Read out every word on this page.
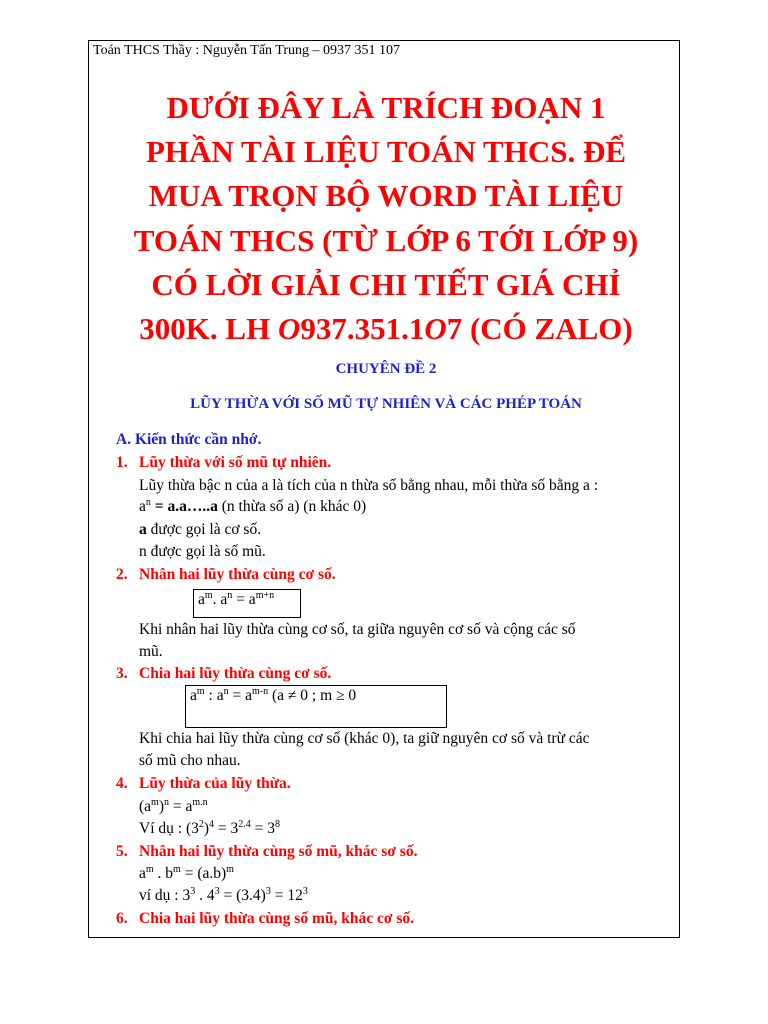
Toán THCS Thầy : Nguyễn Tấn Trung – 0937 351 107
DƯỚI ĐÂY LÀ TRÍCH ĐOẠN 1
PHẦN TÀI LIỆU TOÁN THCS. ĐỂ
MUA TRỌN BỘ WORD TÀI LIỆU
TOÁN THCS (TỪ LỚP 6 TỚI LỚP 9)
CÓ LỜI GIẢI CHI TIẾT GIÁ CHỈ
300K. LH O937.351.1O7 (CÓ ZALO)
CHUYÊN ĐỀ 2
LŨY THỪA VỚI SỐ MŨ TỰ NHIÊN VÀ CÁC PHÉP TOÁN
A. Kiến thức cần nhớ.
1. Lũy thừa với số mũ tự nhiên.
Lũy thừa bậc n của a là tích của n thừa số bằng nhau, mỗi thừa số bằng a :
$a^n$ = a.a…..a (n thừa số a) (n khác 0)
a được gọi là cơ số.
n được gọi là số mũ.
2. Nhân hai lũy thừa cùng cơ số.
$a^m$. $a^n = a^{m+n}$
Khi nhân hai lũy thừa cùng cơ số, ta giữa nguyên cơ số và cộng các số
mũ.
3. Chia hai lũy thừa cùng cơ số.
$a^m$ : $a^n = a^{m-n}$ (a ≠ 0 ; m ≥ 0
Khi chia hai lũy thừa cùng cơ số (khác 0), ta giữ nguyên cơ số và trừ các
số mũ cho nhau.
4. Lũy thừa của lũy thừa.
$(a^m)^n = a^{m.n}$
Ví dụ : $(3^2)^4 = 3^{2.4} = 3^8$
5. Nhân hai lũy thừa cùng số mũ, khác sơ số.
$a^m$ . $b^m = (a.b)^m$
ví dụ : $3^3$ . $4^3 = (3.4)^3 = 12^3$
6. Chia hai lũy thừa cùng số mũ, khác cơ số.
